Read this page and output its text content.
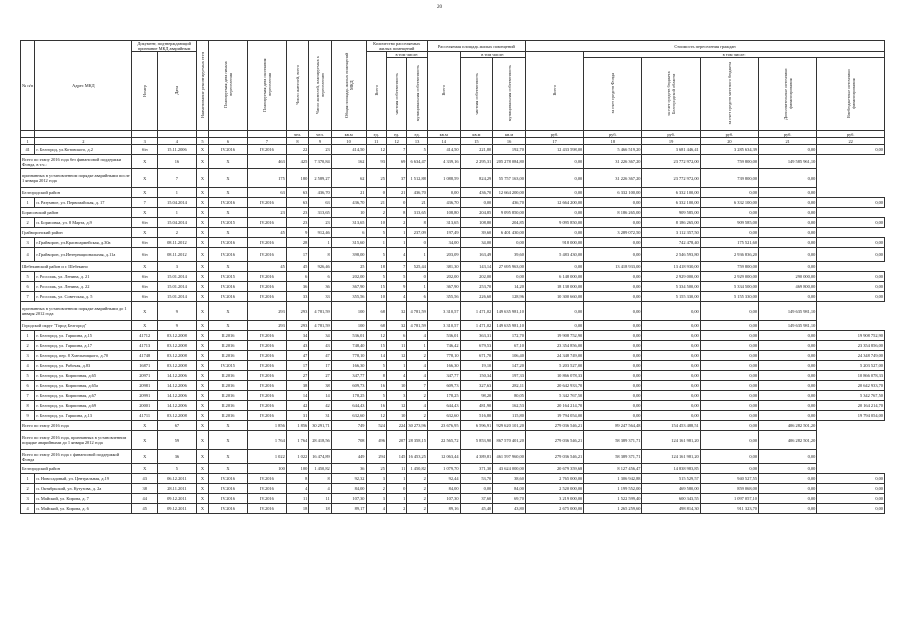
20
№ п/п	Адрес МКД	Документ, подтверждающий признание МКД аварийным		Наименование ремонтируемых стен	Планируемая дата начала переселения	Планируемая дата окончания переселения	Число жителей, всего	Число жителей, планируемых к переселению	Общая площадь жилых помещений МКД	Количество расселяемых жилых помещений			Расселяемая площадь жилых помещений			Стоимость переселения граждан					
		Номер	Дата							Всего	в том числе:		Всего	в том числе:		Всего	в том числе:				
											частная собственность	муниципальная собственность		частная собственность	муниципальная собственность		за счет средств Фонда	за счет средств бюджета Белгородской области	за счет средств местного бюджета	Дополнительные источники финансирования	Внебюджетные источники финансирования
							чел.	чел.	кв.м	ед.	ед.	ед.	кв.м	кв.м	кв.м	руб.	руб.	руб.	руб.	руб.	руб.
1	2	3	4	5	6	7	8	9	10	11	12	13	14	15	16	17	18	19	20	21	22
41	г. Белгород, ул.Котовского, д.2	б/н	15.11.2006	Х	IV.2016	IV.2016	22	23	414,50	12	7	5	414,50	221,80	192,70	12 433 598,00	5 466 519,20	3 681 446,41	3 285 634,39	0,00	0,00
Всего по этапу 2016 года без финансовой поддержки Фонда, в т.ч.:		Х	16	Х	Х	463	425	7 370,84	162	93	69	6 634,47	4 339,16	2 295,31	205 278 084,80	0,00	31 226 367,20	23 772 972,00	759 800,00	149 585 961,10	
признанных в установленном порядке аварийными после 1 января 2012 года		Х	7	Х	Х	175	180	2 589,27	62	25	37	1 512,88	1 088,59	824,29	55 757 163,00	0,00	31 226 367,20	23 772 972,00	739 800,00	0,00	
Белгородский район		Х	1	Х	Х	63	63	436,70	21	0	21	436,70	0,00	436,70	12 664 200,00	0,00	6 332 100,00	6 332 100,00	0,00	0,00	
1	п. Разумное, ул. Первомайская, д. 17	7	15.04.2014	Х	IV.2016	IV.2016	63	63	436,70	21	0	21	436,70	0,00	436,70	12 664 200,00	0,00	6 332 100,00	6 332 100,00	0,00	0,00
Борисовский район		Х	1	Х	Х	23	23	313,65	10	2	8	313,65	108,80	204,85	9 095 850,00	0,00	8 186 265,00	909 585,00	0,00	0,00	
2	п. Борисовка, ул. 8 Марта, д.9	б/н	15.04.2014	Х	IV.2015	IV.2016	23	23	313,65	10	2	8	313,65	108,80	204,85	9 095 850,00	0,00	8 186 265,00	909 585,00	0,00	0,00
Грайворонский район		Х	2	Х	Х	45	9	912,46	6	5	1	237,09	197,49	39,60	6 401 430,00	0,00	3 289 072,50	3 112 357,50	0,00	0,00	
3	г.Грайворон, ул.Красноармейская, д.30а	б/н	08.11.2012	Х	IV.2016	IV.2016	28	1	315,60	1	1	0	34,00	34,00	0,00	918 000,00	0,00	742 478,40	175 521,60	0,00	0,00
4	г.Грайворон, ул.Интернациональная, д.11а	б/н	08.11.2012	Х	IV.2016	IV.2016	17	8	398,00	5	4	1	203,09	163,49	39,60	5 483 430,00	0,00	2 546 593,80	2 936 836,20	0,00	0,00
Шебекинский район и г. Шебекино		Х	3	Х	Х	45	45	926,46	25	18	7	525,44	381,30	143,14	27 695 963,00	0,00	13 418 933,00	13 418 930,00	759 800,00	0,00	
5	г. Россошь, ул. Ленина, д. 21	б/н	15.01.2014	Х	IV.2015	IV.2016	6	6	202,00	5	5	0	202,00	202,00	0,00	6 148 000,00	0,00	2 929 000,00	2 929 000,00	290 000,00	0,00
6	г. Россошь, ул. Ленина, д. 22	б/н	15.01.2014	Х	IV.2016	IV.2016	36	36	367,90	15	9	1	367,90	253,70	14,20	18 138 000,00	0,00	5 334 500,00	5 334 500,00	469 800,00	0,00
7	г. Россошь, ул. Советская, д. 5	б/н	15.01.2014	Х	IV.2016	IV.2016	33	33	355,56	10	4	6	355,56	226,60	128,96	10 300 660,00	0,00	5 155 330,00	5 155 330,00	0,00	0,00
признанных в установленном порядке аварийными до 1 января 2012 года		Х	9	Х	Х	293	293	4 781,59	100	68	32	4 781,59	3 310,57	1 471,02	149 635 981,10	0,00	0,00	0,00	0,00	149 635 981,10	
Городской округ "Город Белгород"		Х	9	Х	Х	293	293	4 781,59	100	68	32	4 781,59	3 310,57	1 471,02	149 635 981,10	0,00	0,00	0,00	0,00	149 635 981,10	
1	г. Белгород, ул. Гаршина, д.15	41712	03.12.2008	Х	II.2016	IV.2016	34	34	536,01	12	6	4	536,01	363,31	172,70	19 908 752,90	0,00	0,00	0,00	0,00	19 908 752,90
2	г. Белгород, ул. Гаршина, д.17	41713	03.12.2008	Х	II.2016	IV.2016	43	43	748,40	15	11	1	746,42	679,53	67,10	23 354 856,00	0,00	0,00	0,00	0,00	23 354 856,00
3	г. Белгород, пер. 8 Хмельницкого, д.70	41748	03.12.2008	Х	II.2016	IV.2016	47	47	778,10	14	12	2	778,10	671,70	106,40	24 348 749,00	0,00	0,00	0,00	0,00	24 348 749,00
4	г. Белгород, ул. Рабочая, д.83	16871	03.12.2008	Х	IV.2015	IV.2016	17	17	166,30	5	1	4	166,30	19,10	147,20	5 203 527,00	0,00	0,00	0,00	0,00	5 203 527,00
5	г. Белгород, ул. Кирпичная, д.65	20971	14.12.2006	Х	II.2016	IV.2016	27	27	347,77	8	4	4	347,77	150,34	197,33	10 866 078,33	0,00	0,00	0,00	0,00	10 866 078,33
6	г. Белгород, ул. Кирпичная, д.65а	20981	14.12.2006	Х	II.2016	IV.2016	38	38	609,73	16	10	7	609,73	327,63	282,11	20 642 933,70	0,00	0,00	0,00	0,00	20 642 933,70
7	г. Белгород, ул. Кирпичная, д.67	20991	14.12.2006	Х	II.2016	IV.2016	14	14	178,25	5	3	2	178,25	98,20	80,05	5 342 767,50	0,00	0,00	0,00	0,00	5 342 767,50
8	г. Белгород, ул. Кирпичная, д.69	20001	14.12.2006	Х	II.2016	IV.2016	42	42	644,43	16	12	4	644,43	481,90	162,53	20 164 214,70	0,00	0,00	0,00	0,00	20 164 214,70
9	г. Белгород, ул. Гаршина, д.13	41711	03.12.2008	Х	II.2016	IV.2016	31	31	632,60	12	10	2	632,60	516,80	115,80	19 794 054,00	0,00	0,00	0,00	0,00	19 794 054,00
Всего по этапу 2016 года		Х	67	Х	Х	1 856	1 856	30 291,71	749	524	224	30 273,96	23 676,95	6 596,91	929 620 101,20	279 036 546,21	89 247 564,48	154 453 488,51	0,00	406 282 501,20	
Всего по этапу 2016 года, признанных в установленном порядке аварийными до 1 января 2012 года		Х	59	Х	Х	1 764	1 764	28 418,56	708	496	207	28 358,15	22 565,72	5 853,90	867 570 401,20	279 036 546,21	58 389 371,71	124 161 981,20	0,00	406 282 501,20	
Всего по этапу 2016 года с финансовой поддержкой Фонда		Х	36	Х	Х	1 022	1 022	16 474,89	449	294	145	16 453,25	12 063,44	4 389,81	461 597 960,00	279 036 546,21	58 389 371,71	124 161 981,20	0,00	0,00	
Белгородский район		Х	5	Х	Х	100	100	1 450,82	36	25	11	1 450,82	1 079,70	371,30	43 624 000,00	20 679 359,68	8 127 456,47	14 838 983,85	0,00	0,00	
1	п. Новосадовый, ул. Центральная, д.19	43	06.12.2011	Х	IV.2016	IV.2016	8	8	92,32	3	1	2	92,44	53,70	38,60	2 765 000,00	1 306 942,88	515 529,57	940 527,55	0,00	0,00
2	п. Октябрьский, ул. Кутузова, д. 2а	38	28.11.2011	Х	IV.2016	IV.2016	4	4	84,00	2	0	2	84,00	0,00	84,00	2 520 000,00	1 199 552,00	469 580,00	859 068,00	0,00	0,00
3	п. Майский, ул. Кирова, д. 7	44	09.12.2011	Х	IV.2016	IV.2016	11	11	107,30	3	1	2	107,30	37,60	69,70	3 219 000,00	1 522 599,40	600 343,55	1 097 057,10	0,00	0,00
4	п. Майский, ул. Кирова, д. 6	45	09.12.2011	Х	IV.2016	IV.2016	18	18	89,17	4	2	2	89,16	45,40	43,80	2 675 000,00	1 265 259,60	498 814,30	911 323,70	0,00	0,00
